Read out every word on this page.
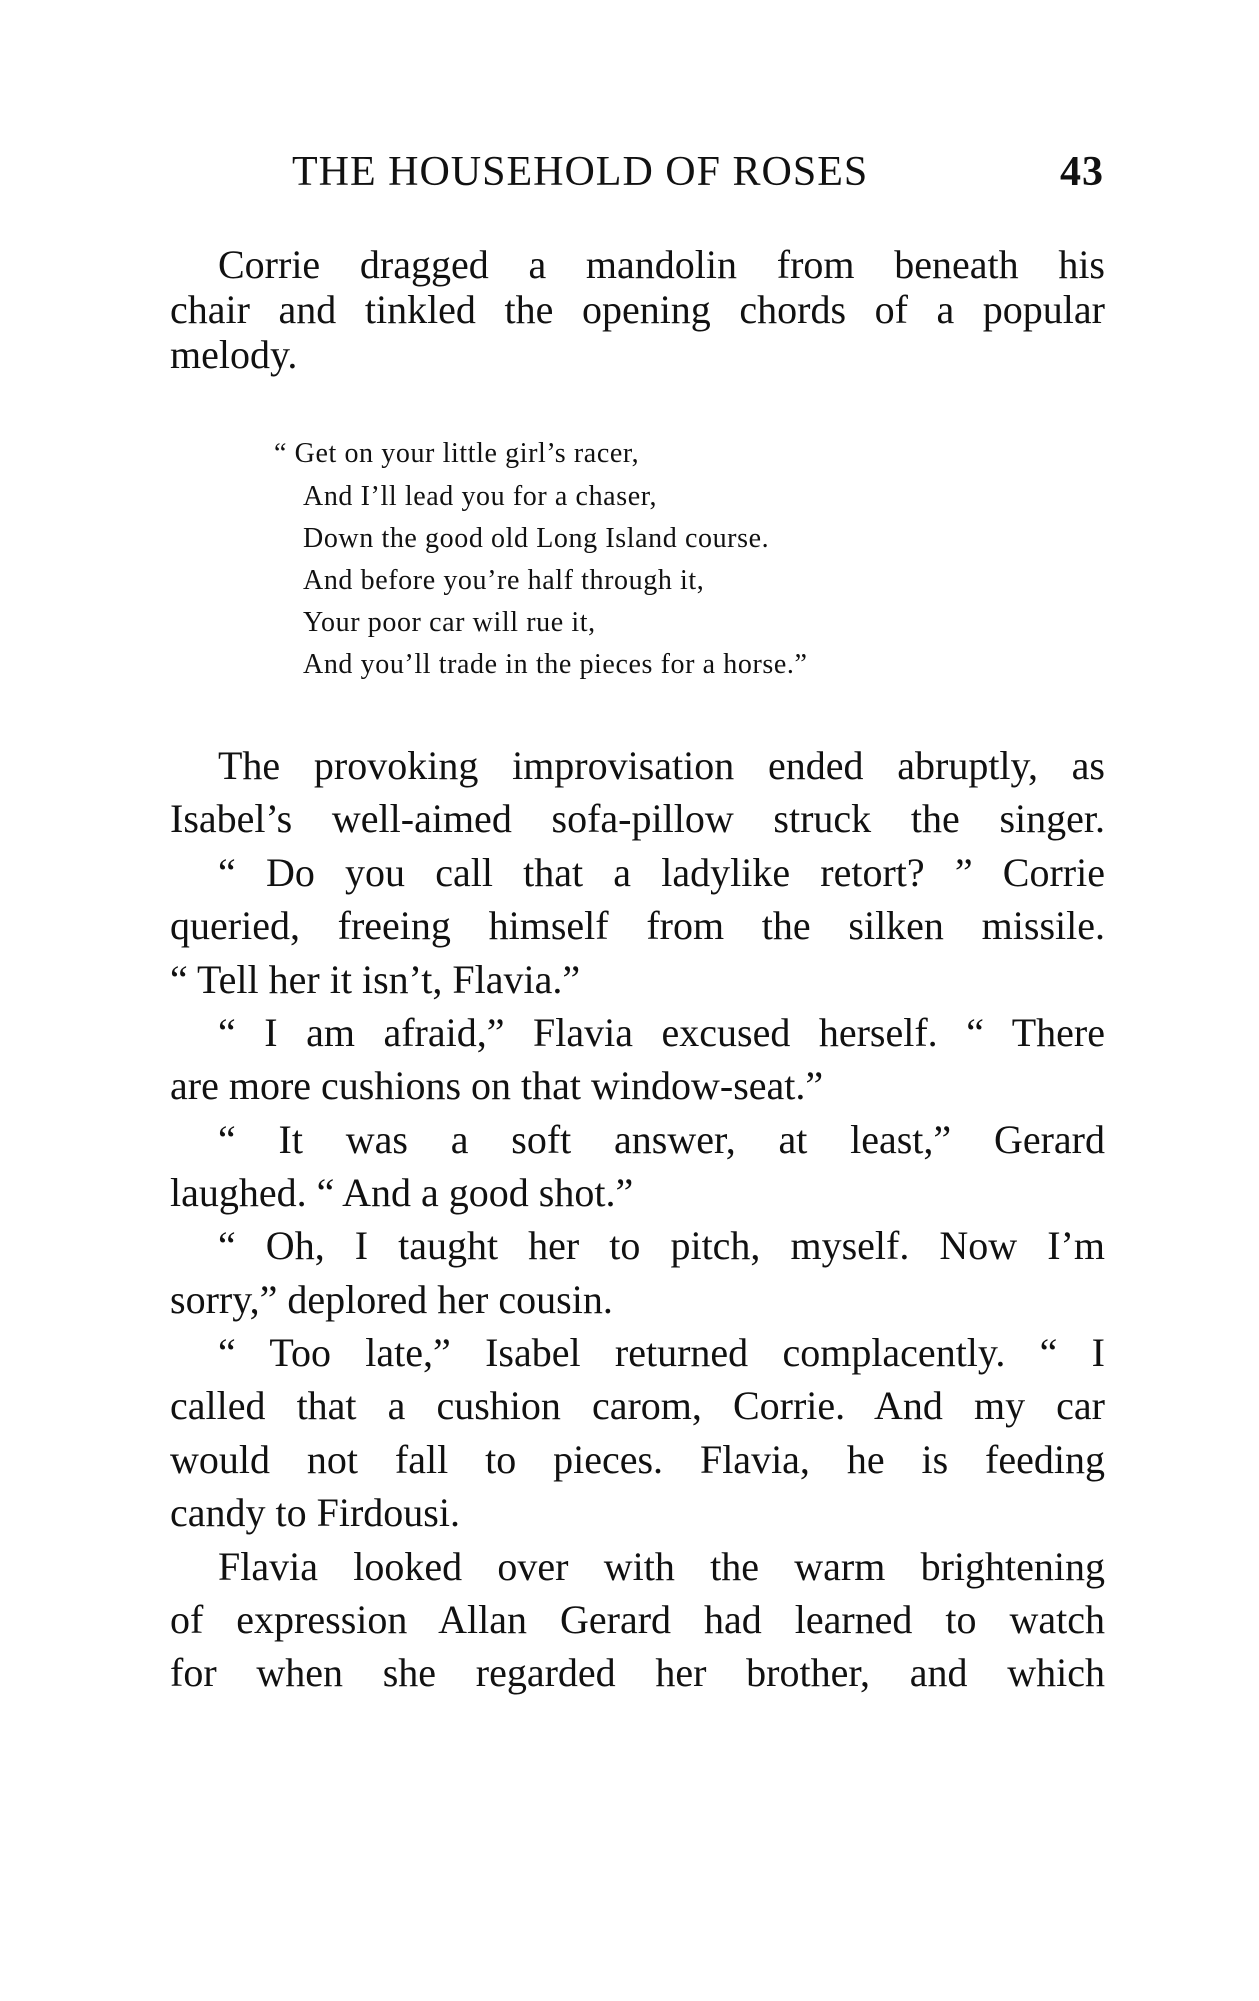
THE HOUSEHOLD OF ROSES	43
Corrie dragged a mandolin from beneath his
chair and tinkled the opening chords of a popular
melody.
“ Get on your little girl’s racer,
And I’ll lead you for a chaser,
Down the good old Long Island course.
And before you’re half through it,
Your poor car will rue it,
And you’ll trade in the pieces for a horse.”
The provoking improvisation ended abruptly, as
Isabel’s well-aimed sofa-pillow struck the singer.
“ Do you call that a ladylike retort? ” Corrie
queried, freeing himself from the silken missile.
“ Tell her it isn’t, Flavia.”
“ I am afraid,” Flavia excused herself. “ There
are more cushions on that window-seat.”
“ It was a soft answer, at least,” Gerard
laughed. “ And a good shot.”
“ Oh, I taught her to pitch, myself. Now I’m
sorry,” deplored her cousin.
“ Too late,” Isabel returned complacently. “ I
called that a cushion carom, Corrie. And my car
would not fall to pieces. Flavia, he is feeding
candy to Firdousi.
Flavia looked over with the warm brightening
of expression Allan Gerard had learned to watch
for when she regarded her brother, and which
